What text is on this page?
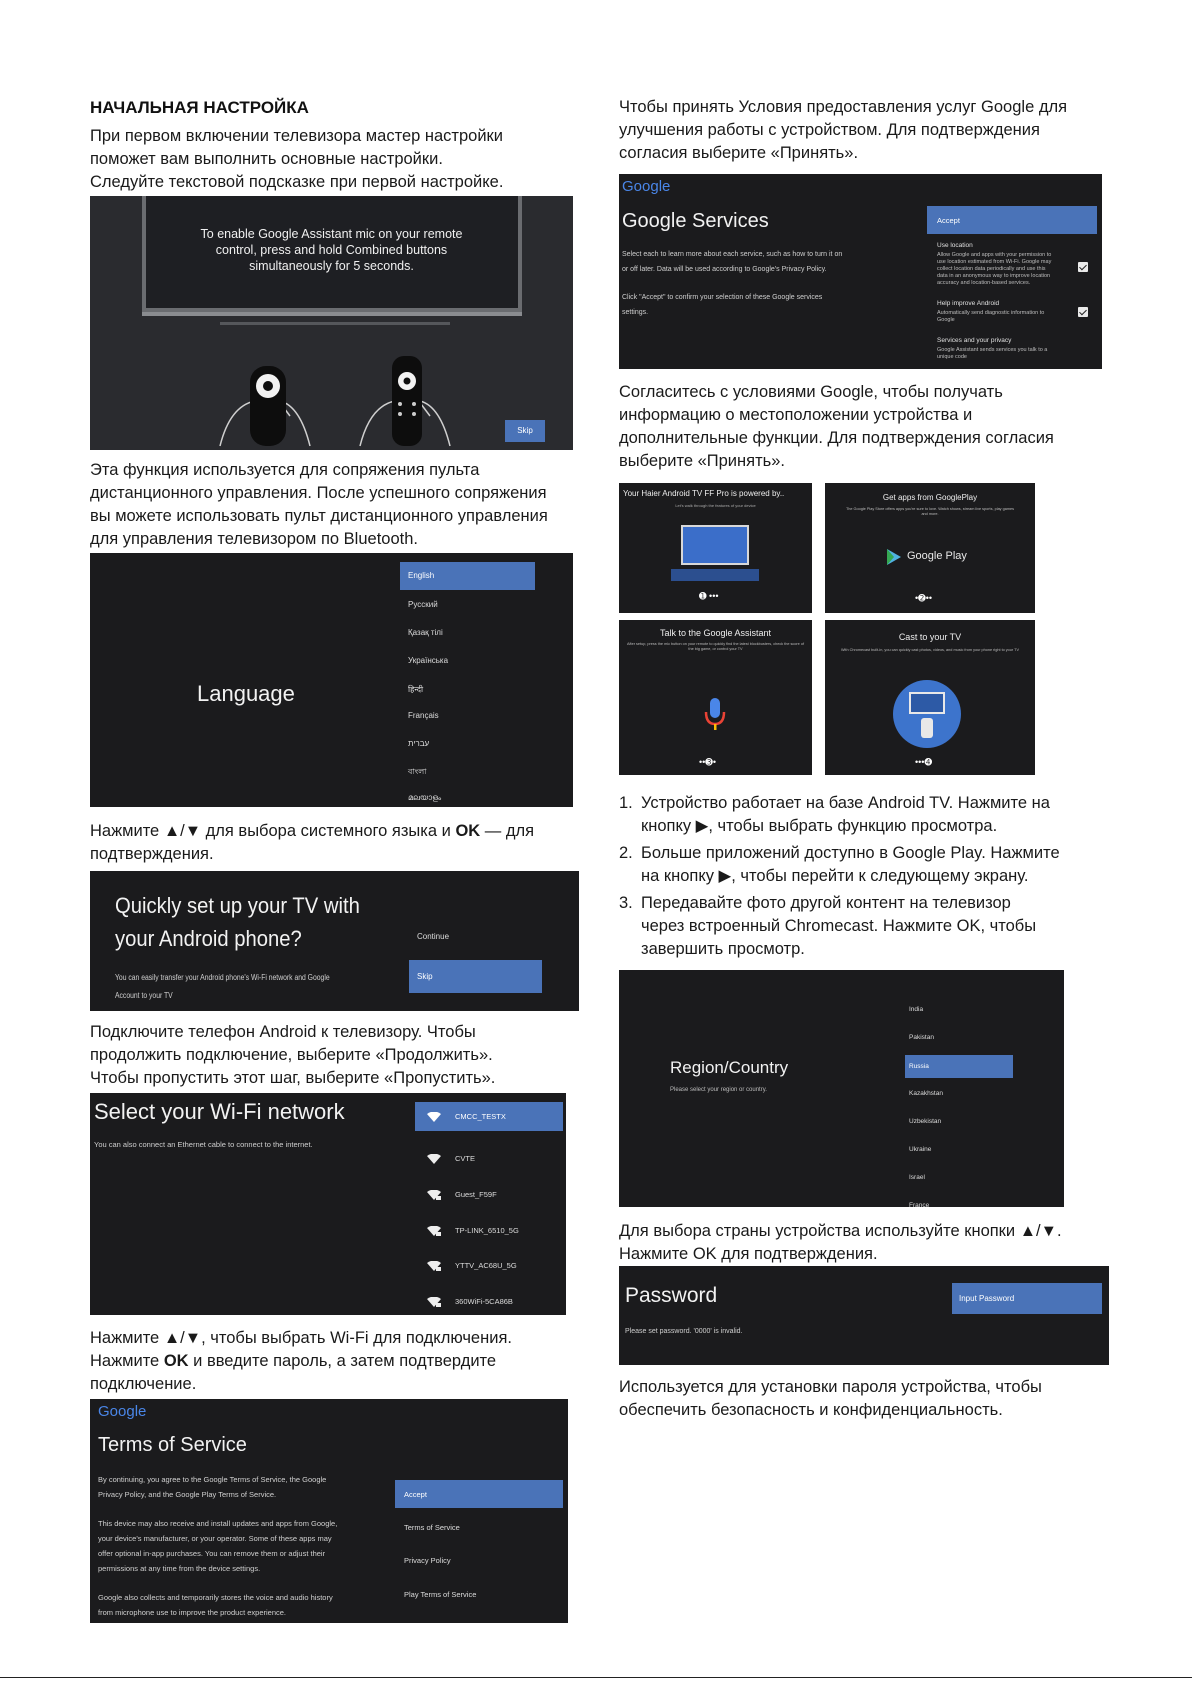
НАЧАЛЬНАЯ НАСТРОЙКА
При первом включении телевизора мастер настройки
поможет вам выполнить основные настройки.
Следуйте текстовой подсказке при первой настройке.
To enable Google Assistant mic on your remote
control, press and hold Combined buttons
simultaneously for 5 seconds.
Skip
Эта функция используется для сопряжения пульта
дистанционного управления. После успешного сопряжения
вы можете использовать пульт дистанционного управления
для управления телевизором по Bluetooth.
Language
English
Русский
Қазақ тілі
Українська
हिन्दी
Français
עברית
বাংলা
മലയാളം
Нажмите ▲/▼ для выбора системного языка и OK — для
подтверждения.
Quickly set up your TV with
your Android phone?
You can easily transfer your Android phone's Wi-Fi network and Google
Account to your TV
Continue
Skip
Подключите телефон Android к телевизору. Чтобы
продолжить подключение, выберите «Продолжить».
Чтобы пропустить этот шаг, выберите «Пропустить».
Select your Wi-Fi network
You can also connect an Ethernet cable to connect to the internet.
CMCC_TESTX
CVTE
Guest_F59F
TP-LINK_6510_5G
YTTV_AC68U_5G
360WiFi-5CA86B
Нажмите ▲/▼, чтобы выбрать Wi-Fi для подключения.
Нажмите OK и введите пароль, а затем подтвердите
подключение.
Google
Terms of Service
By continuing, you agree to the Google Terms of Service, the Google
Privacy Policy, and the Google Play Terms of Service.
This device may also receive and install updates and apps from Google,
your device's manufacturer, or your operator. Some of these apps may
offer optional in-app purchases. You can remove them or adjust their
permissions at any time from the device settings.
Google also collects and temporarily stores the voice and audio history
from microphone use to improve the product experience.
Accept
Terms of Service
Privacy Policy
Play Terms of Service
Чтобы принять Условия предоставления услуг Google для
улучшения работы с устройством. Для подтверждения
согласия выберите «Принять».
Google
Google Services
Select each to learn more about each service, such as how to turn it on
or off later. Data will be used according to Google's Privacy Policy.
Click "Accept" to confirm your selection of these Google services
settings.
Accept
Use location
Allow Google and apps with your permission to
use location estimated from Wi-Fi. Google may
collect location data periodically and use this
data in an anonymous way to improve location
accuracy and location-based services.
Help improve Android
Automatically send diagnostic information to
Google
Services and your privacy
Google Assistant sends services you talk to a
unique code
Согласитесь с условиями Google, чтобы получать
информацию о местоположении устройства и
дополнительные функции. Для подтверждения согласия
выберите «Принять».
Your Haier Android TV FF Pro is powered by..
Let's walk through the features of your device
➊ •••
Get apps from GooglePlay
The Google Play Store offers apps you're sure to love. Watch shows, stream live sports, play games and more.
Google Play
•➋••
Talk to the Google Assistant
After setup, press the mic button on your remote to quickly find the latest blockbusters, check the score of the big game, or control your TV
••➌•
Cast to your TV
With Chromecast built-in, you can quickly cast photos, videos, and music from your phone right to your TV
•••➍
1. Устройство работает на базе Android TV. Нажмите на
кнопку ▶, чтобы выбрать функцию просмотра.
2. Больше приложений доступно в Google Play. Нажмите
на кнопку ▶, чтобы перейти к следующему экрану.
3. Передавайте фото другой контент на телевизор
через встроенный Chromecast. Нажмите OK, чтобы
завершить просмотр.
Region/Country
Please select your region or country.
India
Pakistan
Russia
Kazakhstan
Uzbekistan
Ukraine
Israel
France
Для выбора страны устройства используйте кнопки ▲/▼.
Нажмите OK для подтверждения.
Password
Please set password. '0000' is invalid.
Input Password
Используется для установки пароля устройства, чтобы
обеспечить безопасность и конфиденциальность.
